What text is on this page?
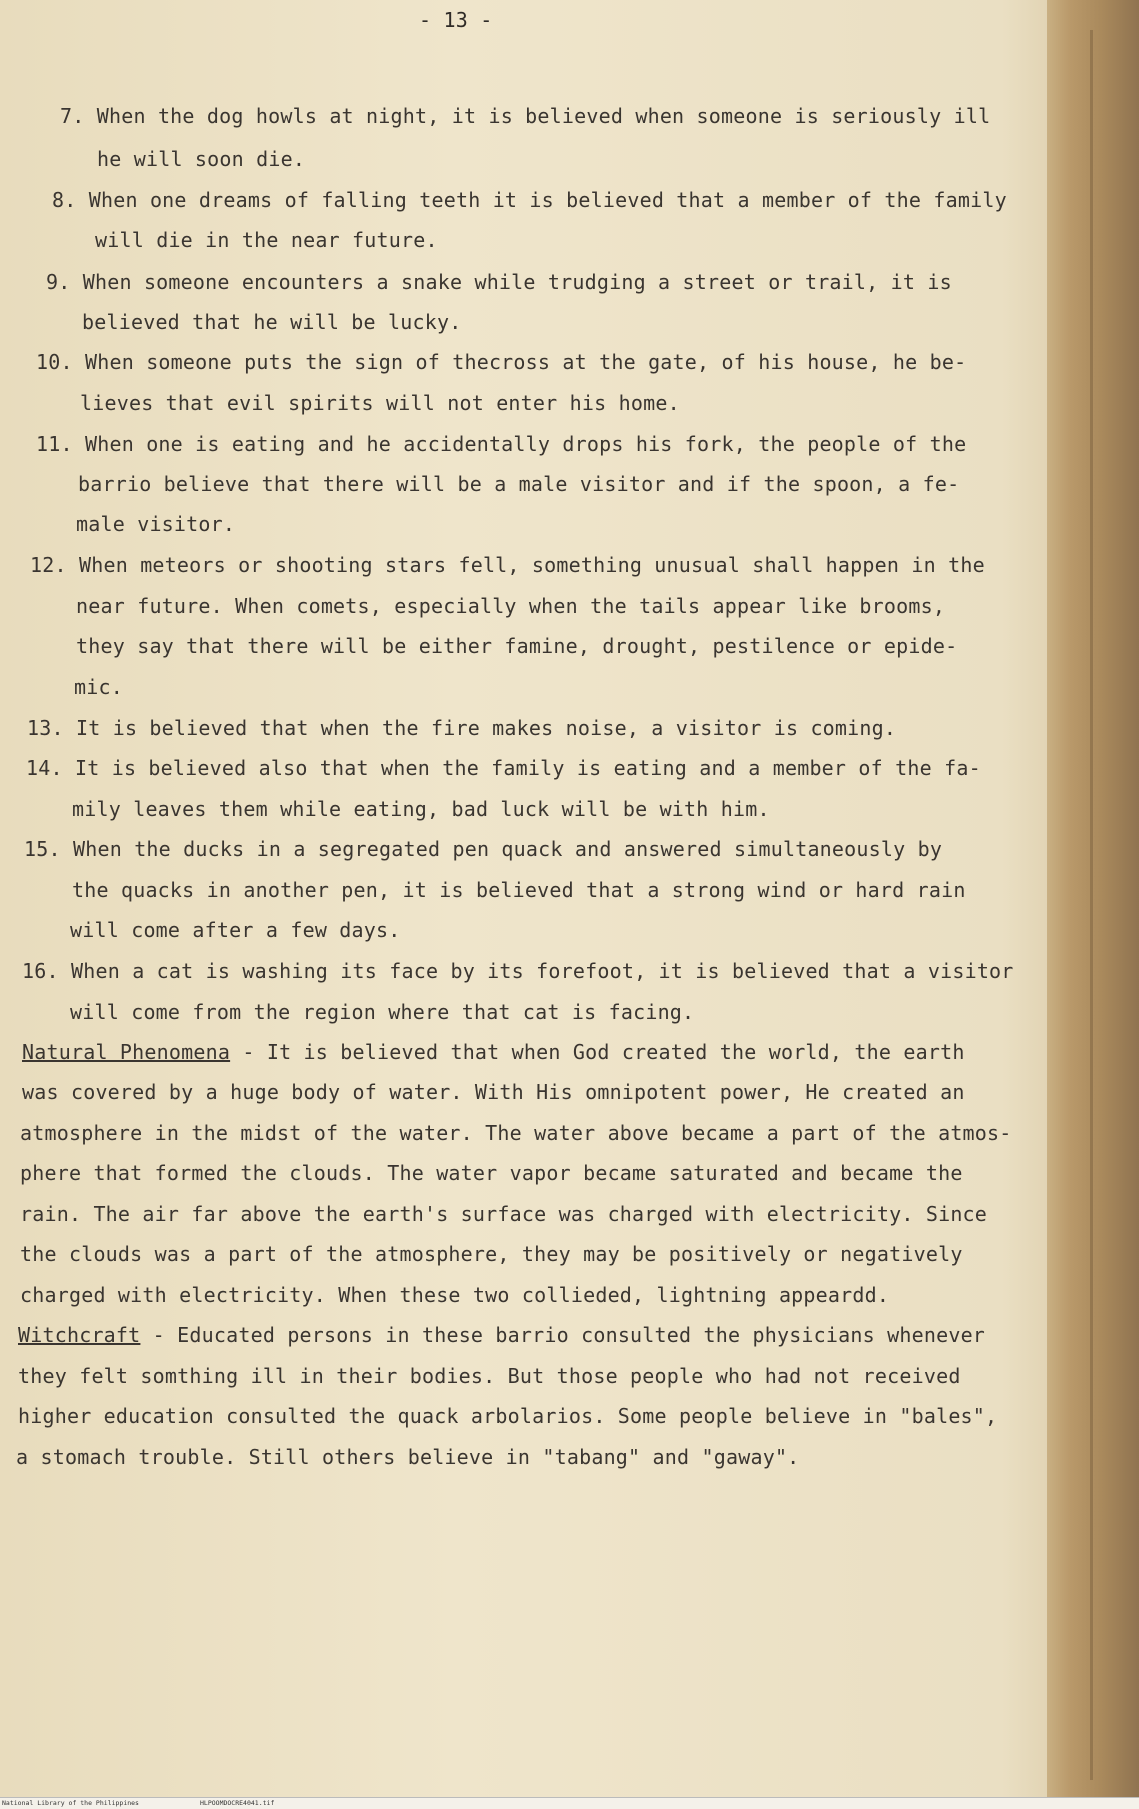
- 13 -
7. When the dog howls at night, it is believed when someone is seriously ill
he will soon die.
8. When one dreams of falling teeth it is believed that a member of the family
will die in the near future.
9. When someone encounters a snake while trudging a street or trail, it is
believed that he will be lucky.
10. When someone puts the sign of thecross at the gate, of his house, he be-
lieves that evil spirits will not enter his home.
11. When one is eating and he accidentally drops his fork, the people of the
barrio believe that there will be a male visitor and if the spoon, a fe-
male visitor.
12. When meteors or shooting stars fell, something unusual shall happen in the
near future. When comets, especially when the tails appear like brooms,
they say that there will be either famine, drought, pestilence or epide-
mic.
13. It is believed that when the fire makes noise, a visitor is coming.
14. It is believed also that when the family is eating and a member of the fa-
mily leaves them while eating, bad luck will be with him.
15. When the ducks in a segregated pen quack and answered simultaneously by
the quacks in another pen, it is believed that a strong wind or hard rain
will come after a few days.
16. When a cat is washing its face by its forefoot, it is believed that a visitor
will come from the region where that cat is facing.
Natural Phenomena - It is believed that when God created the world, the earth
was covered by a huge body of water. With His omnipotent power, He created an
atmosphere in the midst of the water. The water above became a part of the atmos-
phere that formed the clouds. The water vapor became saturated and became the
rain. The air far above the earth's surface was charged with electricity. Since
the clouds was a part of the atmosphere, they may be positively or negatively
charged with electricity. When these two collieded, lightning appeardd.
Witchcraft - Educated persons in these barrio consulted the physicians whenever
they felt somthing ill in their bodies. But those people who had not received
higher education consulted the quack arbolarios. Some people believe in "bales",
a stomach trouble. Still others believe in "tabang" and "gaway".
National Library of the Philippines	HLPOOMDOCRE4041.tif
